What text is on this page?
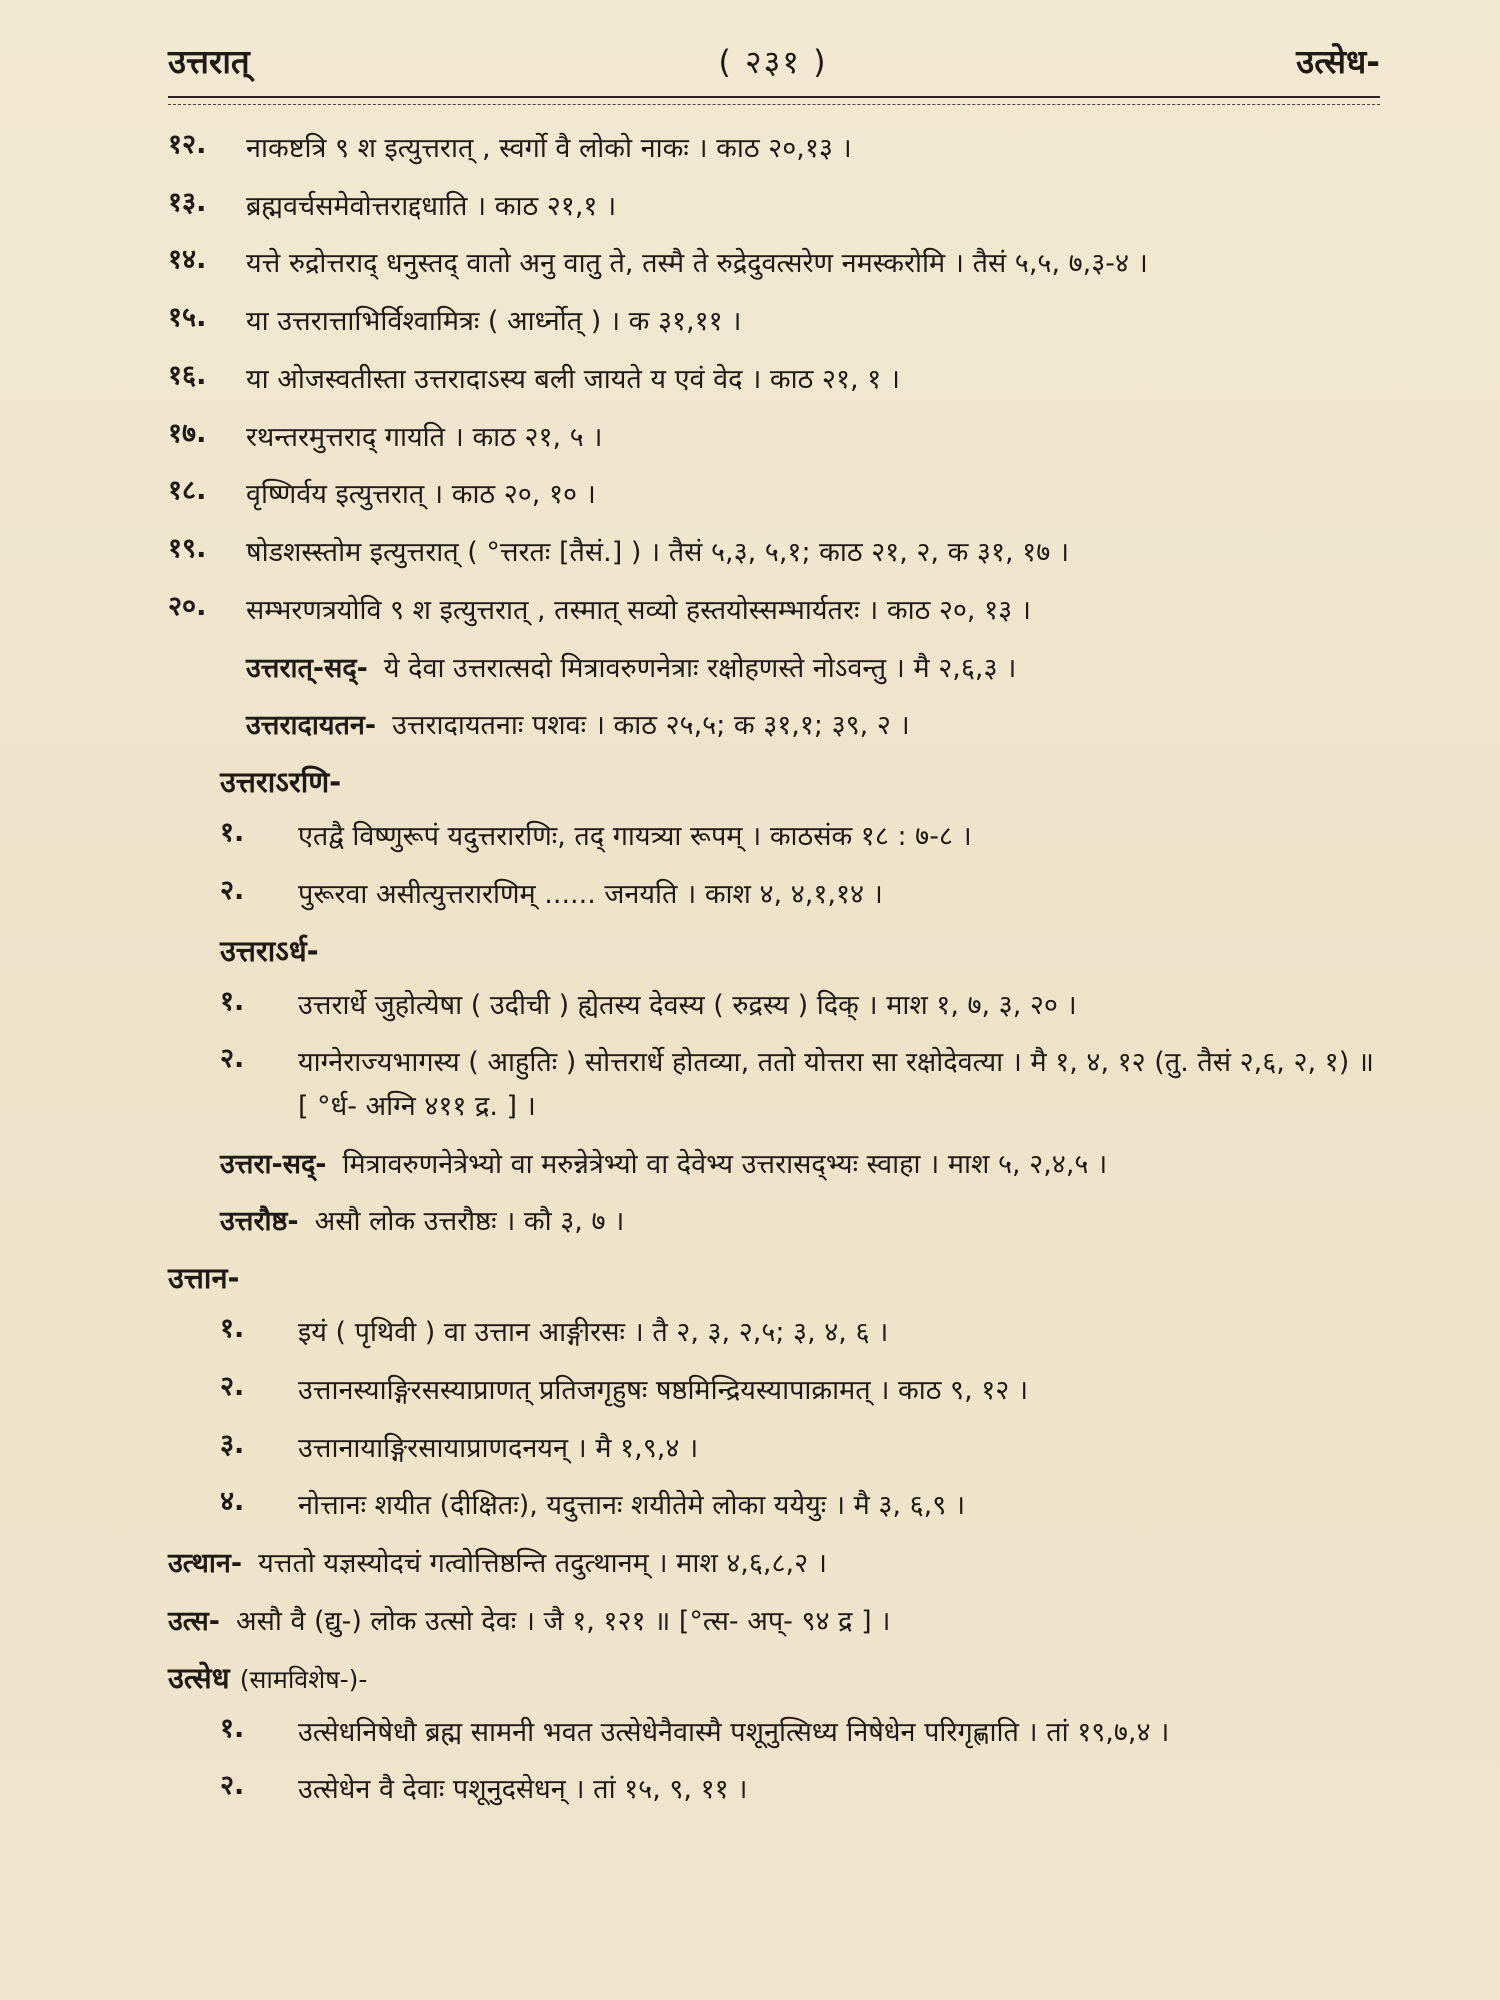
उत्तरात्	( २३१ )	उत्सेध-
१२.	नाकष्टत्रि ९ श इत्युत्तरात् , स्वर्गो वै लोको नाकः । काठ २०,१३ ।
१३.	ब्रह्मवर्चसमेवोत्तराद्दधाति । काठ २१,१ ।
१४.	यत्ते रुद्रोत्तराद् धनुस्तद् वातो अनु वातु ते, तस्मै ते रुद्रेदुवत्सरेण नमस्करोमि । तैसं ५,५, ७,३-४ ।
१५.	या उत्तरात्ताभिर्विश्वामित्रः ( आर्ध्नोत् ) । क ३१,११ ।
१६.	या ओजस्वतीस्ता उत्तरादाऽस्य बली जायते य एवं वेद । काठ २१, १ ।
१७.	रथन्तरमुत्तराद् गायति । काठ २१, ५ ।
१८.	वृष्णिर्वय इत्युत्तरात् । काठ २०, १० ।
१९.	षोडशस्स्तोम इत्युत्तरात् ( °त्तरतः [तैसं.] ) । तैसं ५,३, ५,१; काठ २१, २, क ३१, १७ ।
२०.	सम्भरणत्रयोवि ९ श इत्युत्तरात् , तस्मात् सव्यो हस्तयोस्सम्भार्यतरः । काठ २०, १३ ।
उत्तरात्-सद्- ये देवा उत्तरात्सदो मित्रावरुणनेत्राः रक्षोहणस्ते नोऽवन्तु । मै २,६,३ ।
उत्तरादायतन- उत्तरादायतनाः पशवः । काठ २५,५; क ३१,१; ३९, २ ।
उत्तराऽरणि-
१.	एतद्वै विष्णुरूपं यदुत्तरारणिः, तद् गायत्र्या रूपम् । काठसंक १८ : ७-८ ।
२.	पुरूरवा असीत्युत्तरारणिम् ...... जनयति । काश ४, ४,१,१४ ।
उत्तराऽर्ध-
१.	उत्तरार्धे जुहोत्येषा ( उदीची ) ह्येतस्य देवस्य ( रुद्रस्य ) दिक् । माश १, ७, ३, २० ।
२.	याग्नेराज्यभागस्य ( आहुतिः ) सोत्तरार्धे होतव्या, ततो योत्तरा सा रक्षोदेवत्या । मै १, ४, १२ (तु. तैसं २,६, २, १) ॥ [ °र्ध- अग्नि ४११ द्र. ] ।
उत्तरा-सद्- मित्रावरुणनेत्रेभ्यो वा मरुन्नेत्रेभ्यो वा देवेभ्य उत्तरासद्भ्यः स्वाहा । माश ५, २,४,५ ।
उत्तरौष्ठ- असौ लोक उत्तरौष्ठः । कौ ३, ७ ।
उत्तान-
१.	इयं ( पृथिवी ) वा उत्तान आङ्गीरसः । तै २, ३, २,५; ३, ४, ६ ।
२.	उत्तानस्याङ्गिरसस्याप्राणत् प्रतिजगृहुषः षष्ठमिन्द्रियस्यापाक्रामत् । काठ ९, १२ ।
३.	उत्तानायाङ्गिरसायाप्राणदनयन् । मै १,९,४ ।
४.	नोत्तानः शयीत (दीक्षितः), यदुत्तानः शयीतेमे लोका ययेयुः । मै ३, ६,९ ।
उत्थान- यत्ततो यज्ञस्योदचं गत्वोत्तिष्ठन्ति तदुत्थानम् । माश ४,६,८,२ ।
उत्स- असौ वै (द्यु-) लोक उत्सो देवः । जै १, १२१ ॥ [°त्स- अप्- ९४ द्र ] ।
उत्सेध (सामविशेष-)-
१.	उत्सेधनिषेधौ ब्रह्म सामनी भवत उत्सेधेनैवास्मै पशूनुत्सिध्य निषेधेन परिगृह्णाति । तां १९,७,४ ।
२.	उत्सेधेन वै देवाः पशूनुदसेधन् । तां १५, ९, ११ ।
